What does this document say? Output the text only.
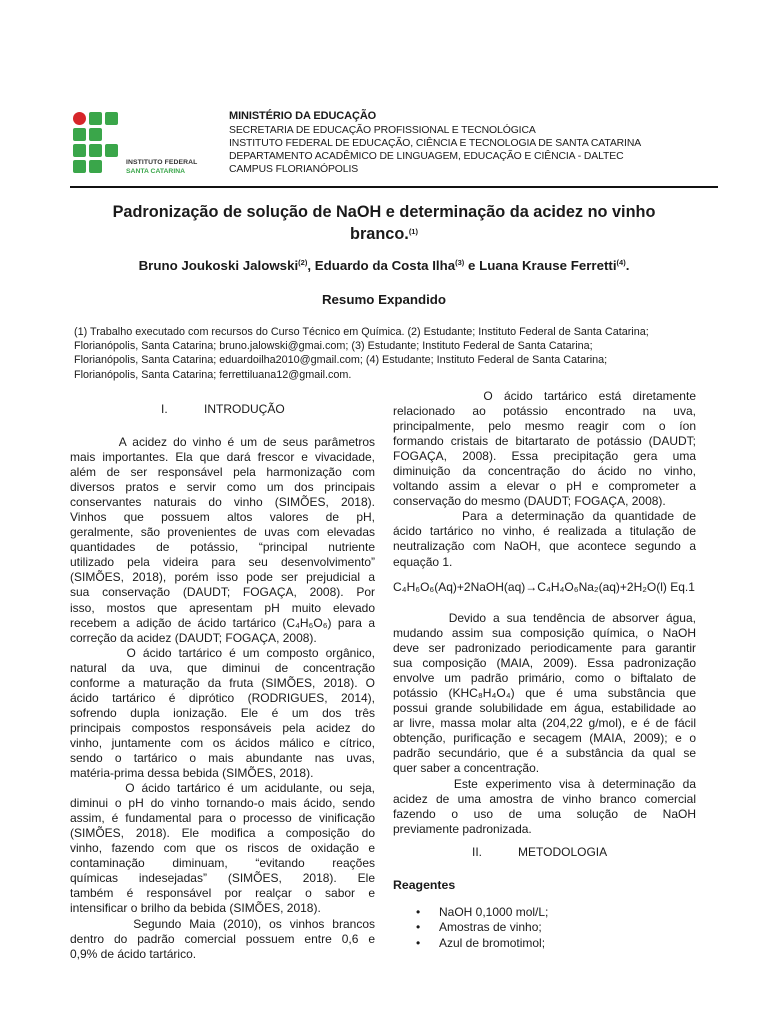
INSTITUTO FEDERAL
SANTA CATARINA
MINISTÉRIO DA EDUCAÇÃO
SECRETARIA DE EDUCAÇÃO PROFISSIONAL E TECNOLÓGICA
INSTITUTO FEDERAL DE EDUCAÇÃO, CIÊNCIA E TECNOLOGIA DE SANTA CATARINA
DEPARTAMENTO ACADÊMICO DE LINGUAGEM, EDUCAÇÃO E CIÊNCIA - DALTEC
CAMPUS FLORIANÓPOLIS
Padronização de solução de NaOH e determinação da acidez no vinho
branco.$^{(1)}$
Bruno Joukoski Jalowski$^{(2)}$, Eduardo da Costa Ilha$^{(3)}$ e Luana Krause Ferretti$^{(4)}$.
Resumo Expandido

(1) Trabalho executado com recursos do Curso Técnico em Química. (2) Estudante; Instituto Federal de Santa Catarina;

Florianópolis, Santa Catarina; bruno.jalowski@gmai.com; (3) Estudante; Instituto Federal de Santa Catarina;

Florianópolis, Santa Catarina; eduardoilha2010@gmail.com; (4) Estudante; Instituto Federal de Santa Catarina;

Florianópolis, Santa Catarina; ferrettiluana12@gmail.com.

I.	INTRODUÇÃO

A acidez do vinho é um de seus parâmetros

mais importantes. Ela que dará frescor e vivacidade,

além de ser responsável pela harmonização com

diversos pratos e servir como um dos principais

conservantes naturais do vinho (SIMÕES, 2018).

Vinhos que possuem altos valores de pH,

geralmente, são provenientes de uvas com elevadas

quantidades de potássio, “principal nutriente

utilizado pela videira para seu desenvolvimento”

(SIMÕES, 2018), porém isso pode ser prejudicial a

sua conservação (DAUDT; FOGAÇA, 2008). Por

isso, mostos que apresentam pH muito elevado

recebem a adição de ácido tartárico (C₄H₆O₆) para a

correção da acidez (DAUDT; FOGAÇA, 2008).

O ácido tartárico é um composto orgânico,

natural da uva, que diminui de concentração

conforme a maturação da fruta (SIMÕES, 2018). O

ácido tartárico é diprótico (RODRIGUES, 2014),

sofrendo dupla ionização. Ele é um dos três

principais compostos responsáveis pela acidez do

vinho, juntamente com os ácidos málico e cítrico,

sendo o tartárico o mais abundante nas uvas,

matéria-prima dessa bebida (SIMÕES, 2018).

O ácido tartárico é um acidulante, ou seja,

diminui o pH do vinho tornando-o mais ácido, sendo

assim, é fundamental para o processo de vinificação

(SIMÕES, 2018). Ele modifica a composição do

vinho, fazendo com que os riscos de oxidação e

contaminação diminuam, “evitando reações

químicas indesejadas” (SIMÕES, 2018). Ele

também é responsável por realçar o sabor e

intensificar o brilho da bebida (SIMÕES, 2018).

Segundo Maia (2010), os vinhos brancos

dentro do padrão comercial possuem entre 0,6 e

0,9% de ácido tartárico.

O ácido tartárico está diretamente

relacionado ao potássio encontrado na uva,

principalmente, pelo mesmo reagir com o íon

formando cristais de bitartarato de potássio (DAUDT;

FOGAÇA, 2008). Essa precipitação gera uma

diminuição da concentração do ácido no vinho,

voltando assim a elevar o pH e comprometer a

conservação do mesmo (DAUDT; FOGAÇA, 2008).

Para a determinação da quantidade de

ácido tartárico no vinho, é realizada a titulação de

neutralização com NaOH, que acontece segundo a

equação 1.

C₄H₆O₆(Aq)+2NaOH(aq)→C₄H₄O₆Na₂(aq)+2H₂O(l) Eq.1

Devido a sua tendência de absorver água,

mudando assim sua composição química, o NaOH

deve ser padronizado periodicamente para garantir

sua composição (MAIA, 2009). Essa padronização

envolve um padrão primário, como o biftalato de

potássio (KHC₈H₄O₄) que é uma substância que

possui grande solubilidade em água, estabilidade ao

ar livre, massa molar alta (204,22 g/mol), e é de fácil

obtenção, purificação e secagem (MAIA, 2009); e o

padrão secundário, que é a substância da qual se

quer saber a concentração.

Este experimento visa à determinação da

acidez de uma amostra de vinho branco comercial

fazendo o uso de uma solução de NaOH

previamente padronizada.

II.	METODOLOGIA
Reagentes
• NaOH 0,1000 mol/L;
• Amostras de vinho;
• Azul de bromotimol;
